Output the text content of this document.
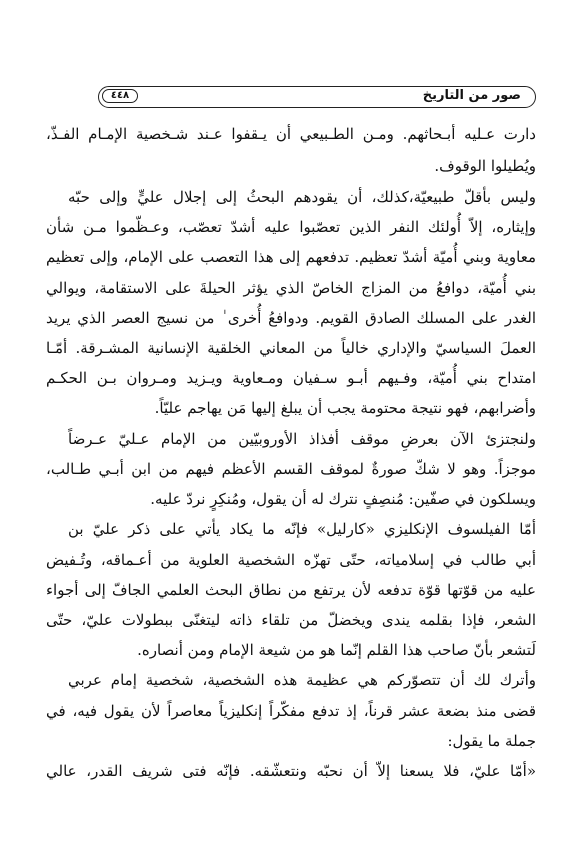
صور من التاريخ
٤٤٨
دارت عـليه أبـحاثهم. ومـن الطـبيعي أن يـقفوا عـند شـخصية الإمـام الفـذّ،
ويُطيلوا الوقوف.
وليس بأقلّ طبيعيّة،كذلك، أن يقودهم البحثُ إلى إجلال عليٍّ وإلى حبّه
وإيثاره، إلاّ أُولئك النفر الذين تعصّبوا عليه أشدّ تعصّب، وعـظّموا مـن شأن
معاوية وبني أُميّة أشدّ تعظيم. تدفعهم إلى هذا التعصب على الإمام، وإلى تعظيم
بني أُميّة، دوافعُ من المزاج الخاصّ الذي يؤثر الحيلةَ على الاستقامة، ويوالي
الغدر على المسلك الصادق القويم. ودوافعُ أُخرى ٰ من نسيج العصر الذي يريد
العملَ السياسيّ والإداري خالياً من المعاني الخلقية الإنسانية المشـرقة. أمّـا
امتداح بني أُميّة، وفـيهم أبـو سـفيان ومـعاوية ويـزيد ومـروان بـن الحكـم
وأضرابهم، فهو نتيجة محتومة يجب أن يبلغ إليها مَن يهاجم عليّاً.
ولنجتزئ الآن بعرضِ موقف أفذاذ الأوروبيّين من الإمام عـليّ عـرضاً
موجزاً. وهو لا شكّ صورةٌ لموقف القسم الأعظم فيهم من ابن أبـي طـالب،
ويسلكون في صفّين: مُنصِفٍ نترك له أن يقول، ومُنكِرٍ نردّ عليه.
أمّا الفيلسوف الإنكليزي «كارليل» فإنّه ما يكاد يأتي على ذكر عليّ بن
أبي طالب في إسلامياته، حتّى تهزّه الشخصية العلوية من أعـماقه، وتُـفيض
عليه من قوّتها قوّة تدفعه لأن يرتفع من نطاق البحث العلمي الجافّ إلى أجواء
الشعر، فإذا بقلمه يندى ويخضلّ من تلقاء ذاته ليتغنّى ببطولات عليّ، حتّى
لَتشعر بأنّ صاحب هذا القلم إنّما هو من شيعة الإمام ومن أنصاره.
وأترك لك أن تتصوّركم هي عظيمة هذه الشخصية، شخصية إمام عربي
قضى منذ بضعة عشر قرناً، إذ تدفع مفكّراً إنكليزياً معاصراً لأن يقول فيه، في
جملة ما يقول:
«أمّا عليّ، فلا يسعنا إلاّ أن نحبّه ونتعشّقه. فإنّه فتى شريف القدر، عالي
